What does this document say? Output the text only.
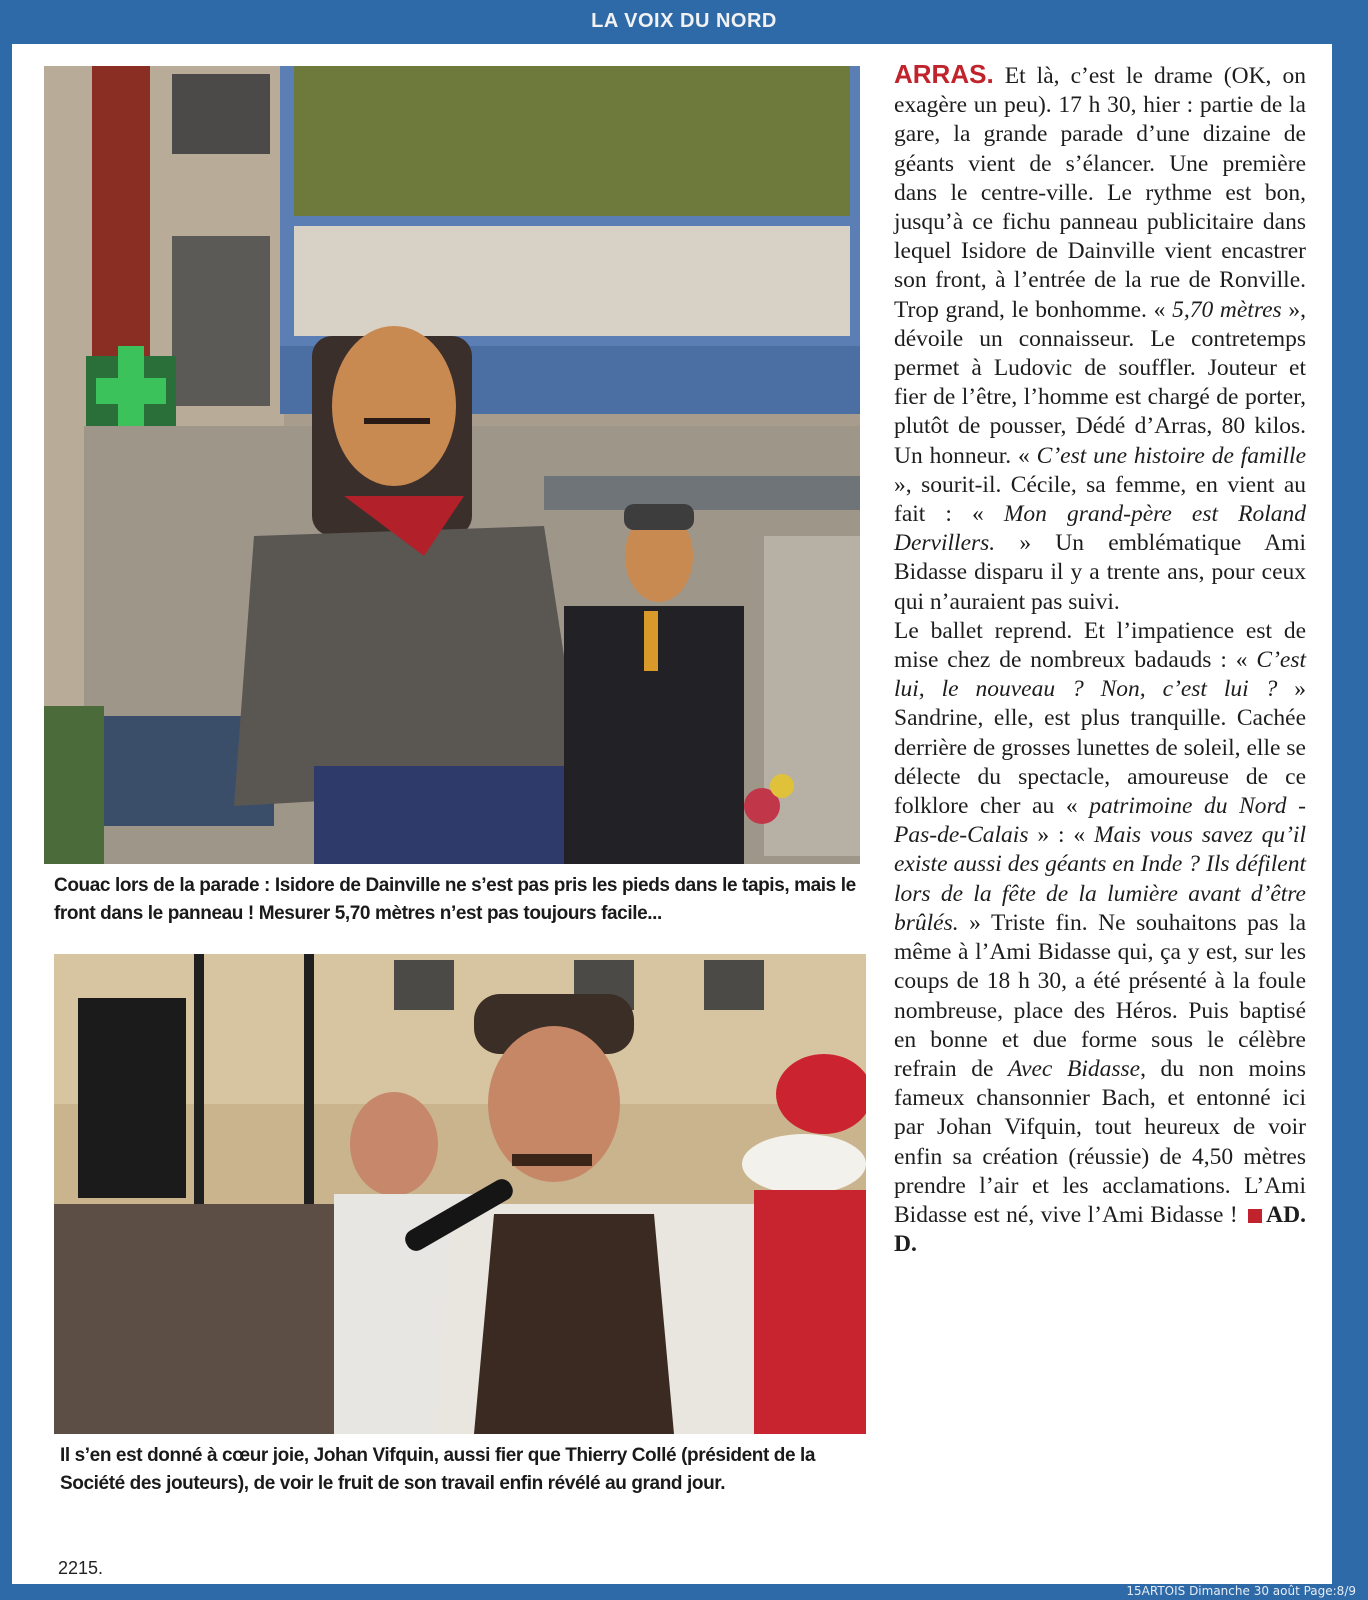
LA VOIX DU NORD
Couac lors de la parade : Isidore de Dainville ne s’est pas pris les pieds dans le tapis, mais le front dans le panneau ! Mesurer 5,70 mètres n’est pas toujours facile...
Il s’en est donné à cœur joie, Johan Vifquin, aussi fier que Thierry Collé (président de la Société des jouteurs), de voir le fruit de son travail enfin révélé au grand jour.

ARRAS. Et là, c’est le drame (OK, on exagère un peu). 17 h 30, hier : partie de la gare, la grande parade d’une dizaine de géants vient de s’élancer. Une première dans le centre-ville. Le rythme est bon, jusqu’à ce fichu panneau publicitaire dans lequel Isidore de Dainville vient encastrer son front, à l’entrée de la rue de Ronville. Trop grand, le bonhomme. « 5,70 mètres », dévoile un connaisseur. Le contretemps permet à Ludovic de souffler. Jouteur et fier de l’être, l’homme est chargé de porter, plutôt de pousser, Dédé d’Arras, 80 kilos. Un honneur. « C’est une histoire de famille », sourit-il. Cécile, sa femme, en vient au fait : « Mon grand-père est Roland Dervillers. » Un emblématique Ami Bidasse disparu il y a trente ans, pour ceux qui n’auraient pas suivi.

Le ballet reprend. Et l’impatience est de mise chez de nombreux badauds : « C’est lui, le nouveau ? Non, c’est lui ? » Sandrine, elle, est plus tranquille. Cachée derrière de grosses lunettes de soleil, elle se délecte du spectacle, amoureuse de ce folklore cher au « patrimoine du Nord - Pas-de-Calais » : « Mais vous savez qu’il existe aussi des géants en Inde ? Ils défilent lors de la fête de la lumière avant d’être brûlés. » Triste fin. Ne souhaitons pas la même à l’Ami Bidasse qui, ça y est, sur les coups de 18 h 30, a été présenté à la foule nombreuse, place des Héros. Puis baptisé en bonne et due forme sous le célèbre refrain de Avec Bidasse, du non moins fameux chansonnier Bach, et entonné ici par Johan Vifquin, tout heureux de voir enfin sa création (réussie) de 4,50 mètres prendre l’air et les acclamations. L’Ami Bidasse est né, vive l’Ami Bidasse ! AD. D.

2215.
15ARTOIS Dimanche 30 août Page:8/9
